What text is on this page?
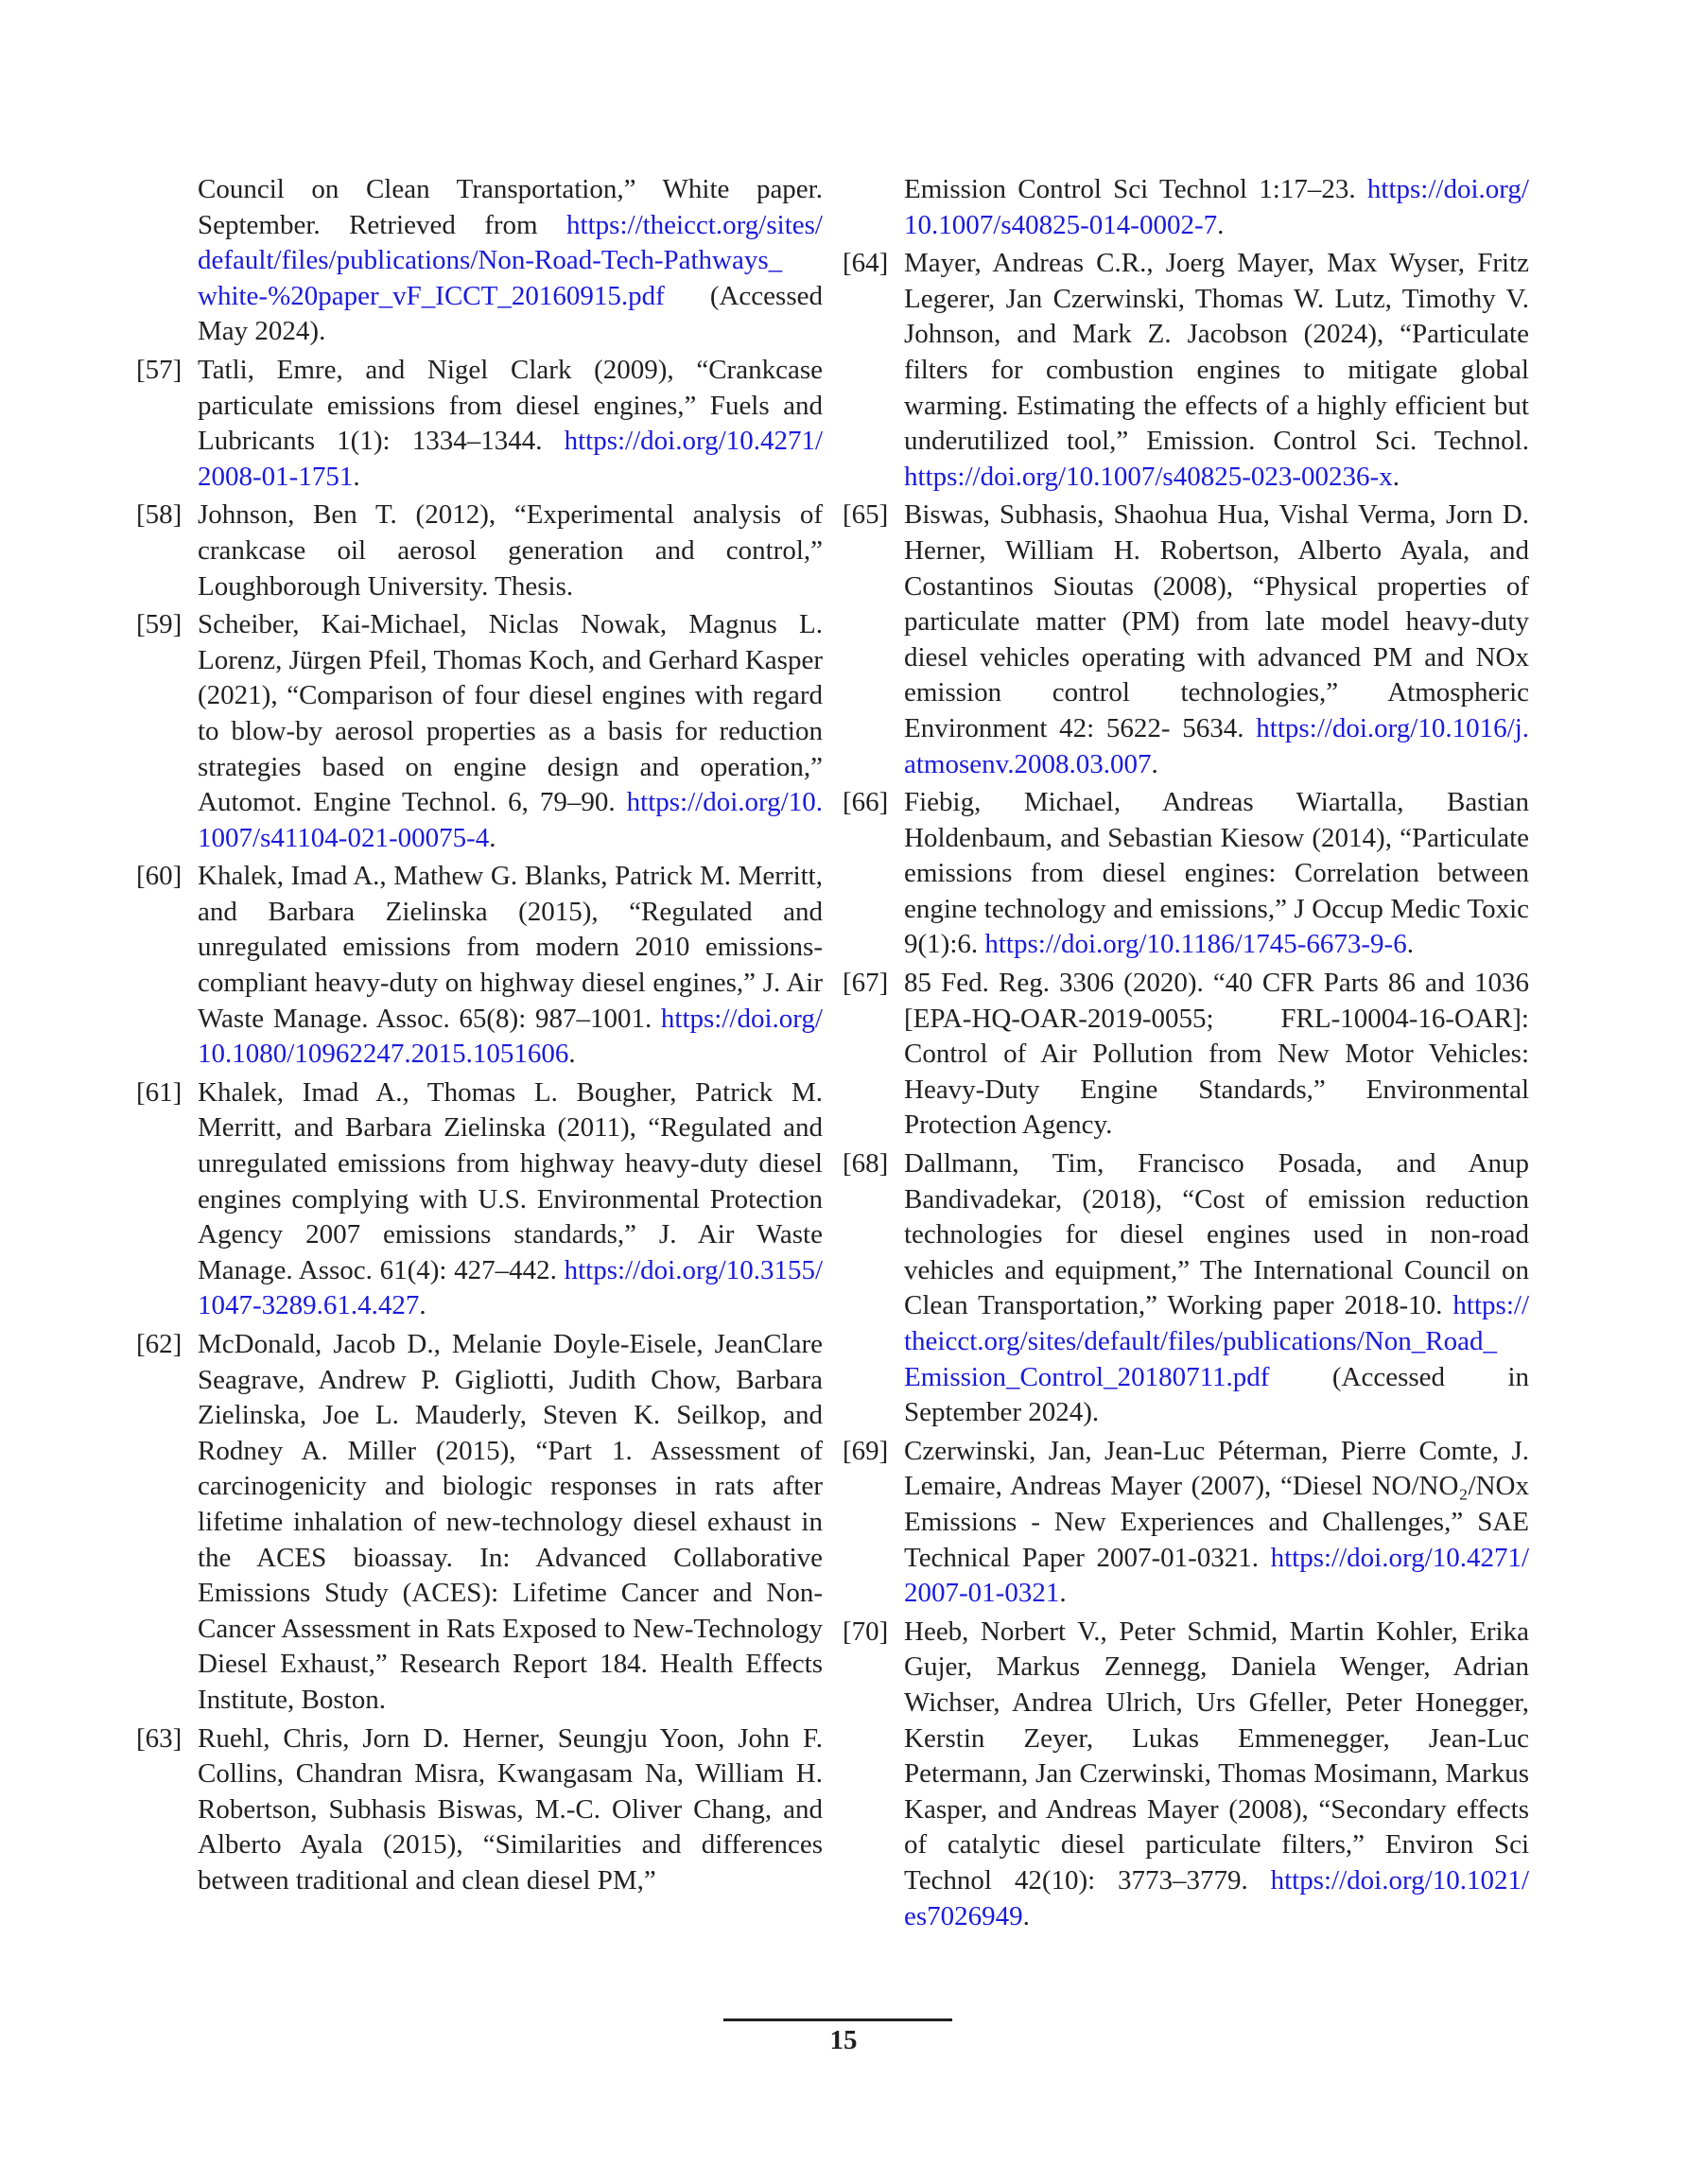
Council on Clean Transportation,” White paper. September. Retrieved from https://theicct.org/sites/default/files/publications/Non-Road-Tech-Pathways_white-%20paper_vF_ICCT_20160915.pdf (Accessed May 2024).
[57] Tatli, Emre, and Nigel Clark (2009), “Crankcase particulate emissions from diesel engines,” Fuels and Lubricants 1(1): 1334–1344. https://doi.org/10.4271/2008-01-1751.
[58] Johnson, Ben T. (2012), “Experimental analysis of crankcase oil aerosol generation and control,” Loughborough University. Thesis.
[59] Scheiber, Kai-Michael, Niclas Nowak, Magnus L. Lorenz, Jürgen Pfeil, Thomas Koch, and Gerhard Kasper (2021), “Comparison of four diesel engines with regard to blow-by aerosol properties as a basis for reduction strategies based on engine design and operation,” Automot. Engine Technol. 6, 79–90. https://doi.org/10.1007/s41104-021-00075-4.
[60] Khalek, Imad A., Mathew G. Blanks, Patrick M. Merritt, and Barbara Zielinska (2015), “Regulated and unregulated emissions from modern 2010 emissions-compliant heavy-duty on highway diesel engines,” J. Air Waste Manage. Assoc. 65(8): 987–1001. https://doi.org/10.1080/10962247.2015.1051606.
[61] Khalek, Imad A., Thomas L. Bougher, Patrick M. Merritt, and Barbara Zielinska (2011), “Regulated and unregulated emissions from highway heavy-duty diesel engines complying with U.S. Environmental Protection Agency 2007 emissions standards,” J. Air Waste Manage. Assoc. 61(4): 427–442. https://doi.org/10.3155/1047-3289.61.4.427.
[62] McDonald, Jacob D., Melanie Doyle-Eisele, JeanClare Seagrave, Andrew P. Gigliotti, Judith Chow, Barbara Zielinska, Joe L. Mauderly, Steven K. Seilkop, and Rodney A. Miller (2015), “Part 1. Assessment of carcinogenicity and biologic responses in rats after lifetime inhalation of new-technology diesel exhaust in the ACES bioassay. In: Advanced Collaborative Emissions Study (ACES): Lifetime Cancer and Non-Cancer Assessment in Rats Exposed to New-Technology Diesel Exhaust,” Research Report 184. Health Effects Institute, Boston.
[63] Ruehl, Chris, Jorn D. Herner, Seungju Yoon, John F. Collins, Chandran Misra, Kwangasam Na, William H. Robertson, Subhasis Biswas, M.-C. Oliver Chang, and Alberto Ayala (2015), “Similarities and differences between traditional and clean diesel PM,”
Emission Control Sci Technol 1:17–23. https://doi.org/10.1007/s40825-014-0002-7.
[64] Mayer, Andreas C.R., Joerg Mayer, Max Wyser, Fritz Legerer, Jan Czerwinski, Thomas W. Lutz, Timothy V. Johnson, and Mark Z. Jacobson (2024), “Particulate filters for combustion engines to mitigate global warming. Estimating the effects of a highly efficient but underutilized tool,” Emission. Control Sci. Technol. https://doi.org/10.1007/s40825-023-00236-x.
[65] Biswas, Subhasis, Shaohua Hua, Vishal Verma, Jorn D. Herner, William H. Robertson, Alberto Ayala, and Costantinos Sioutas (2008), “Physical properties of particulate matter (PM) from late model heavy-duty diesel vehicles operating with advanced PM and NOx emission control technologies,” Atmospheric Environment 42: 5622- 5634. https://doi.org/10.1016/j.atmosenv.2008.03.007.
[66] Fiebig, Michael, Andreas Wiartalla, Bastian Holdenbaum, and Sebastian Kiesow (2014), “Particulate emissions from diesel engines: Correlation between engine technology and emissions,” J Occup Medic Toxic 9(1):6. https://doi.org/10.1186/1745-6673-9-6.
[67] 85 Fed. Reg. 3306 (2020). “40 CFR Parts 86 and 1036 [EPA-HQ-OAR-2019-0055; FRL-10004-16-OAR]: Control of Air Pollution from New Motor Vehicles: Heavy-Duty Engine Standards,” Environmental Protection Agency.
[68] Dallmann, Tim, Francisco Posada, and Anup Bandivadekar, (2018), “Cost of emission reduction technologies for diesel engines used in non-road vehicles and equipment,” The International Council on Clean Transportation,” Working paper 2018-10. https://theicct.org/sites/default/files/publications/Non_Road_Emission_Control_20180711.pdf (Accessed in September 2024).
[69] Czerwinski, Jan, Jean-Luc Péterman, Pierre Comte, J. Lemaire, Andreas Mayer (2007), “Diesel NO/NO₂/NOx Emissions - New Experiences and Challenges,” SAE Technical Paper 2007-01-0321. https://doi.org/10.4271/2007-01-0321.
[70] Heeb, Norbert V., Peter Schmid, Martin Kohler, Erika Gujer, Markus Zennegg, Daniela Wenger, Adrian Wichser, Andrea Ulrich, Urs Gfeller, Peter Honegger, Kerstin Zeyer, Lukas Emmenegger, Jean-Luc Petermann, Jan Czerwinski, Thomas Mosimann, Markus Kasper, and Andreas Mayer (2008), “Secondary effects of catalytic diesel particulate filters,” Environ Sci Technol 42(10): 3773–3779. https://doi.org/10.1021/es7026949.
15
